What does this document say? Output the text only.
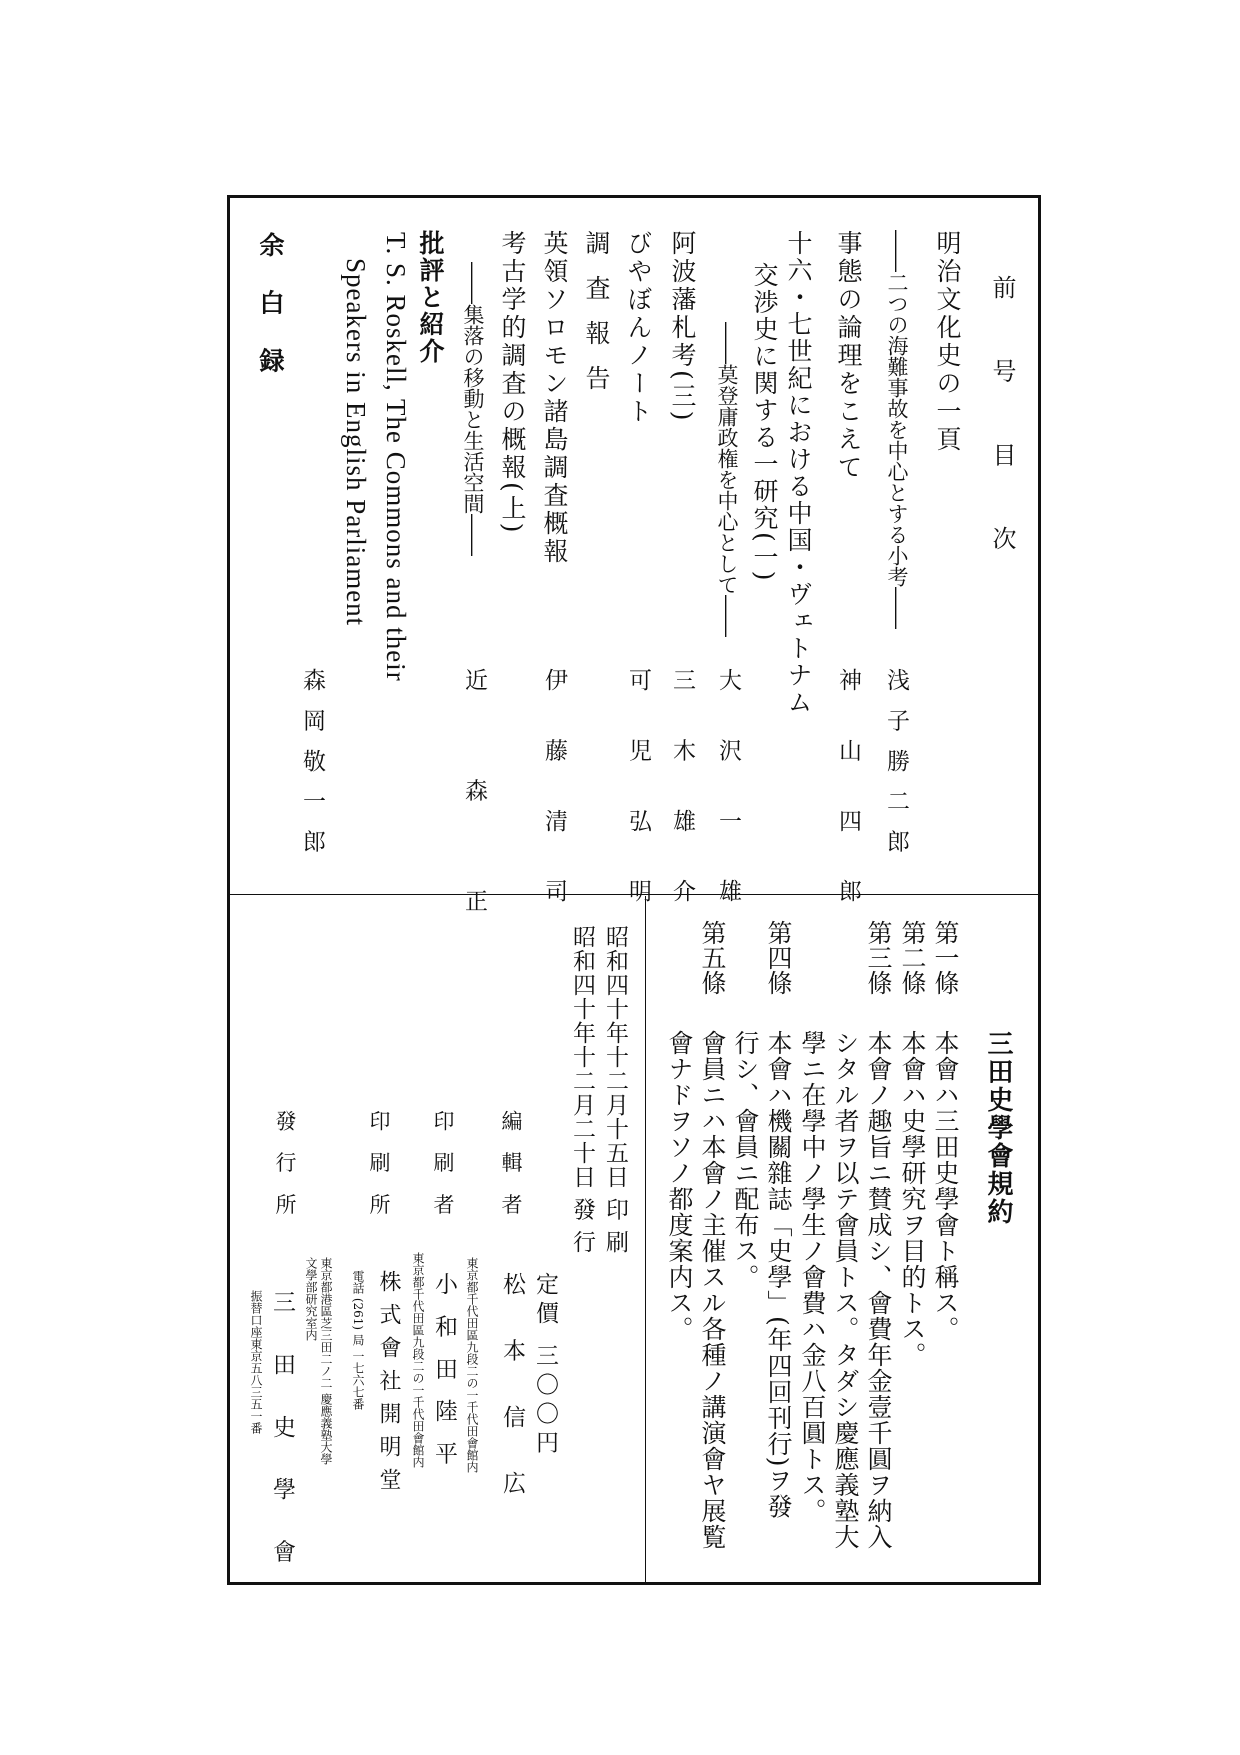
前 号 目 次
明治文化史の一頁
――二つの海難事故を中心とする小考――
浅 子 勝 二 郎
事態の論理をこえて
神 山 四 郎
十六・七世紀における中国・ヴェトナム
交渉史に関する一研究(一)
――莫登庸政権を中心として――
大 沢 一 雄
阿波藩札考(三)
三 木 雄 介
びやぼんノート
可 児 弘 明
調 査 報 告
英領ソロモン諸島調査概報
伊 藤 清 司
考古学的調査の概報(上)
――集落の移動と生活空間――
近 森 正
批評と紹介
T. S. Roskell, The Commons and their
Speakers in English Parliament
森 岡 敬 一 郎
余 白 録
三田史學會規約
第一條
本會ハ三田史學會ト稱ス。
第二條
本會ハ史學研究ヲ目的トス。
第三條
本會ノ趣旨ニ賛成シ、會費年金壹千圓ヲ納入
シタル者ヲ以テ會員トス。タダシ慶應義塾大
學ニ在學中ノ學生ノ會費ハ金八百圓トス。
第四條
本會ハ機關雜誌「史學」(年四回刊行)ヲ發
行シ、會員ニ配布ス。
第五條
會員ニハ本會ノ主催スル各種ノ講演會ヤ展覧
會ナドヲソノ都度案内ス。
昭和四十年十二月十五日 印 刷
昭和四十年十二月二十日 發 行
定價 三〇〇円
編 輯 者
東京都千代田區九段二の一千代田會館内 松 本 信 広
印 刷 者
東京都千代田區九段二の一千代田會館内 小 和 田 陸 平
印 刷 所
株 式 會 社 開 明 堂
電話 (261) 局 一七六七番
發 行 所
東京都港區芝三田二ノ二 慶應義塾大學
文學部研究室内
三 田 史 學 會
振替口座東京五八三五一番
